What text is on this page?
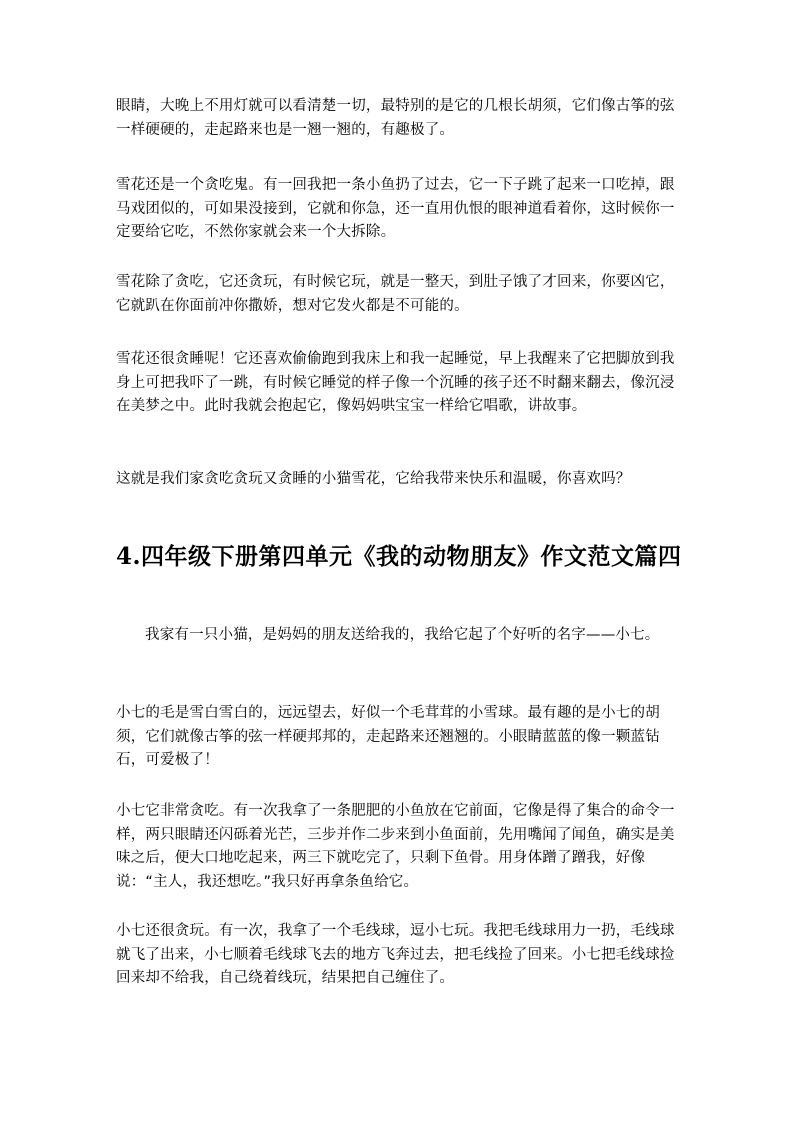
眼睛，大晚上不用灯就可以看清楚一切，最特别的是它的几根长胡须，它们像古筝的弦一样硬硬的，走起路来也是一翘一翘的，有趣极了。

雪花还是一个贪吃鬼。有一回我把一条小鱼扔了过去，它一下子跳了起来一口吃掉，跟马戏团似的，可如果没接到，它就和你急，还一直用仇恨的眼神道看着你，这时候你一定要给它吃，不然你家就会来一个大拆除。

雪花除了贪吃，它还贪玩，有时候它玩，就是一整天，到肚子饿了才回来，你要凶它，它就趴在你面前冲你撒娇，想对它发火都是不可能的。

雪花还很贪睡呢！它还喜欢偷偷跑到我床上和我一起睡觉，早上我醒来了它把脚放到我身上可把我吓了一跳，有时候它睡觉的样子像一个沉睡的孩子还不时翻来翻去，像沉浸在美梦之中。此时我就会抱起它，像妈妈哄宝宝一样给它唱歌，讲故事。

这就是我们家贪吃贪玩又贪睡的小猫雪花，它给我带来快乐和温暖，你喜欢吗？

4.四年级下册第四单元《我的动物朋友》作文范文篇四

我家有一只小猫，是妈妈的朋友送给我的，我给它起了个好听的名字——小七。

小七的毛是雪白雪白的，远远望去，好似一个毛茸茸的小雪球。最有趣的是小七的胡须，它们就像古筝的弦一样硬邦邦的，走起路来还翘翘的。小眼睛蓝蓝的像一颗蓝钻石，可爱极了！

小七它非常贪吃。有一次我拿了一条肥肥的小鱼放在它前面，它像是得了集合的命令一样，两只眼睛还闪砾着光芒，三步并作二步来到小鱼面前，先用嘴闻了闻鱼，确实是美味之后，便大口地吃起来，两三下就吃完了，只剩下鱼骨。用身体蹭了蹭我，好像说：“主人，我还想吃。”我只好再拿条鱼给它。

小七还很贪玩。有一次，我拿了一个毛线球，逗小七玩。我把毛线球用力一扔，毛线球就飞了出来，小七顺着毛线球飞去的地方飞奔过去，把毛线捡了回来。小七把毛线球捡回来却不给我，自己绕着线玩，结果把自己缠住了。
